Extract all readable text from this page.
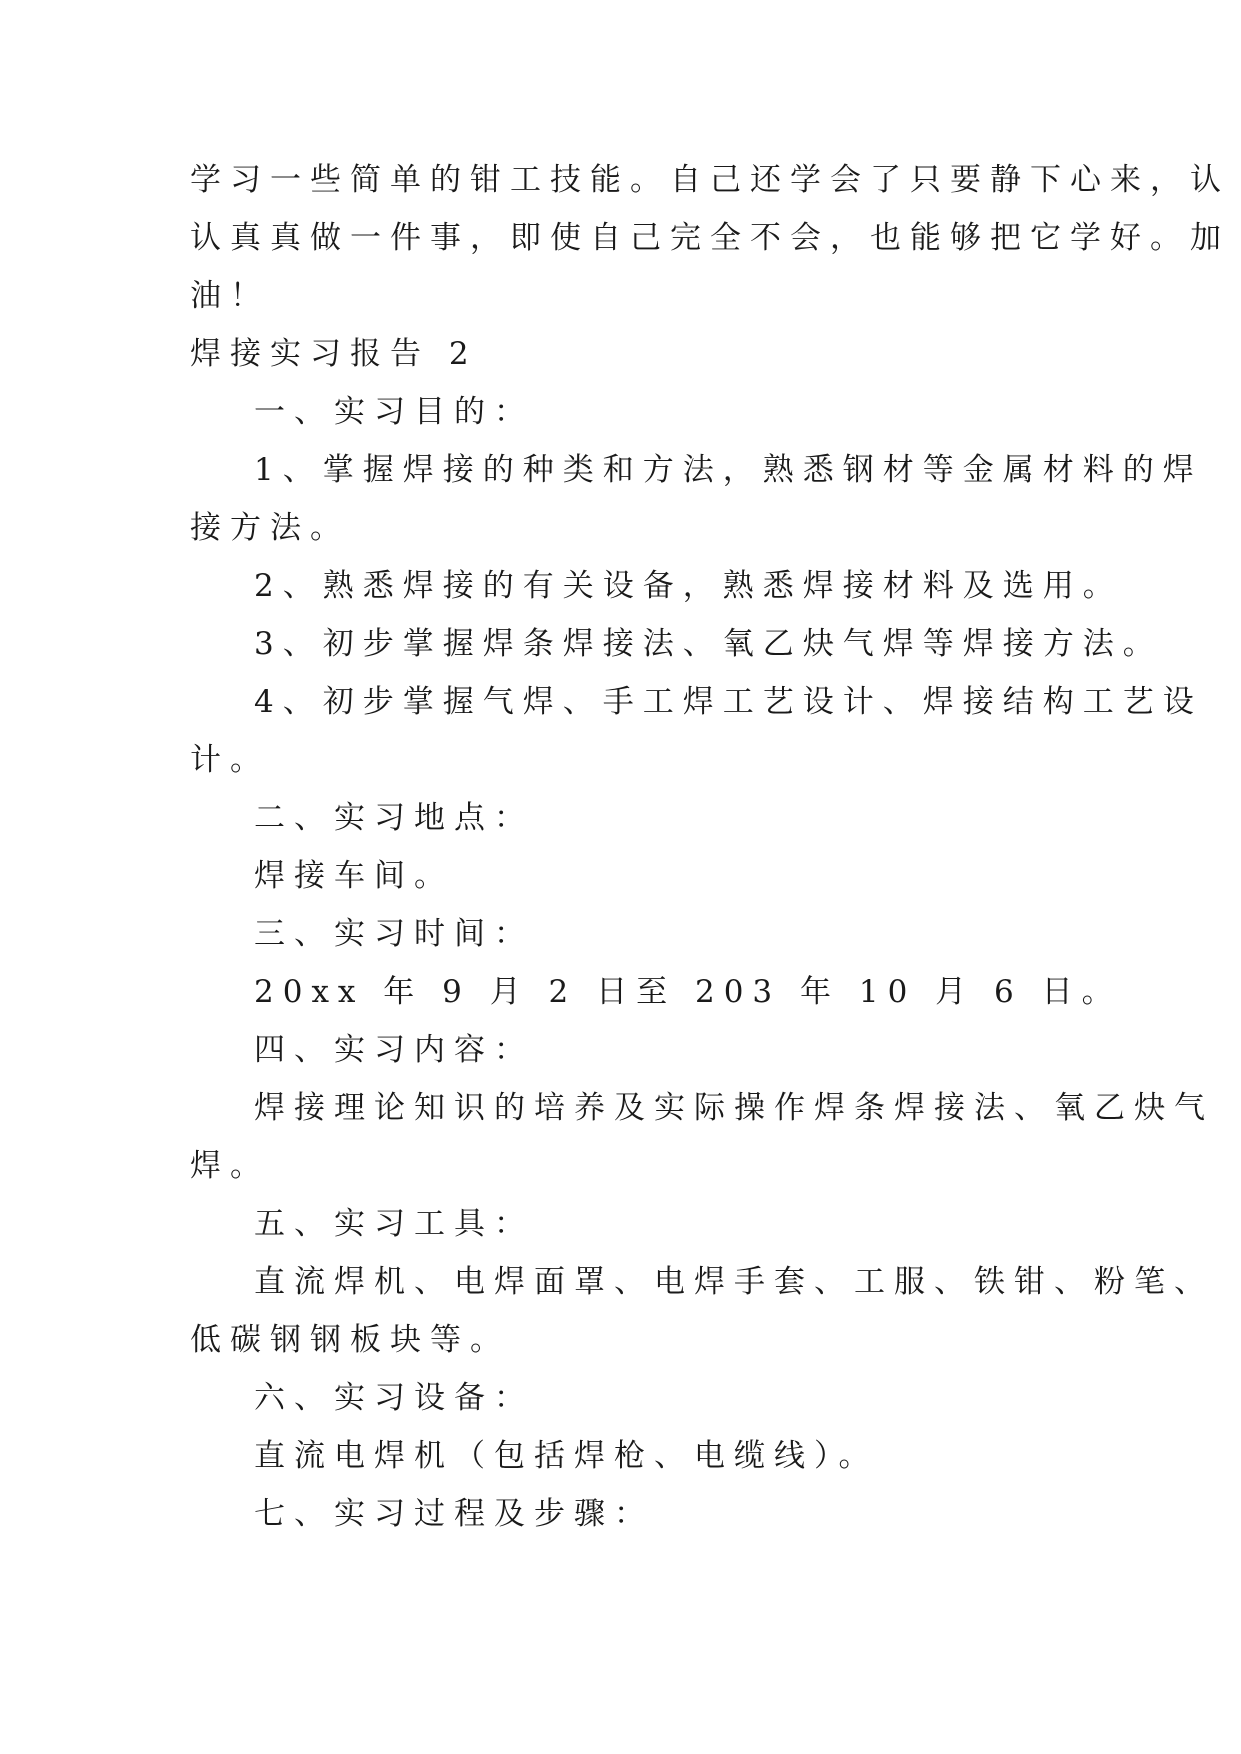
学习一些简单的钳工技能。自己还学会了只要静下心来，认
认真真做一件事，即使自己完全不会，也能够把它学好。加
油！
焊接实习报告 2
一、实习目的：
1、掌握焊接的种类和方法，熟悉钢材等金属材料的焊
接方法。
2、熟悉焊接的有关设备，熟悉焊接材料及选用。
3、初步掌握焊条焊接法、氧乙炔气焊等焊接方法。
4、初步掌握气焊、手工焊工艺设计、焊接结构工艺设
计。
二、实习地点：
焊接车间。
三、实习时间：
20xx 年 9 月 2 日至 203 年 10 月 6 日。
四、实习内容：
焊接理论知识的培养及实际操作焊条焊接法、氧乙炔气
焊。
五、实习工具：
直流焊机、电焊面罩、电焊手套、工服、铁钳、粉笔、
低碳钢钢板块等。
六、实习设备：
直流电焊机（包括焊枪、电缆线）。
七、实习过程及步骤：
